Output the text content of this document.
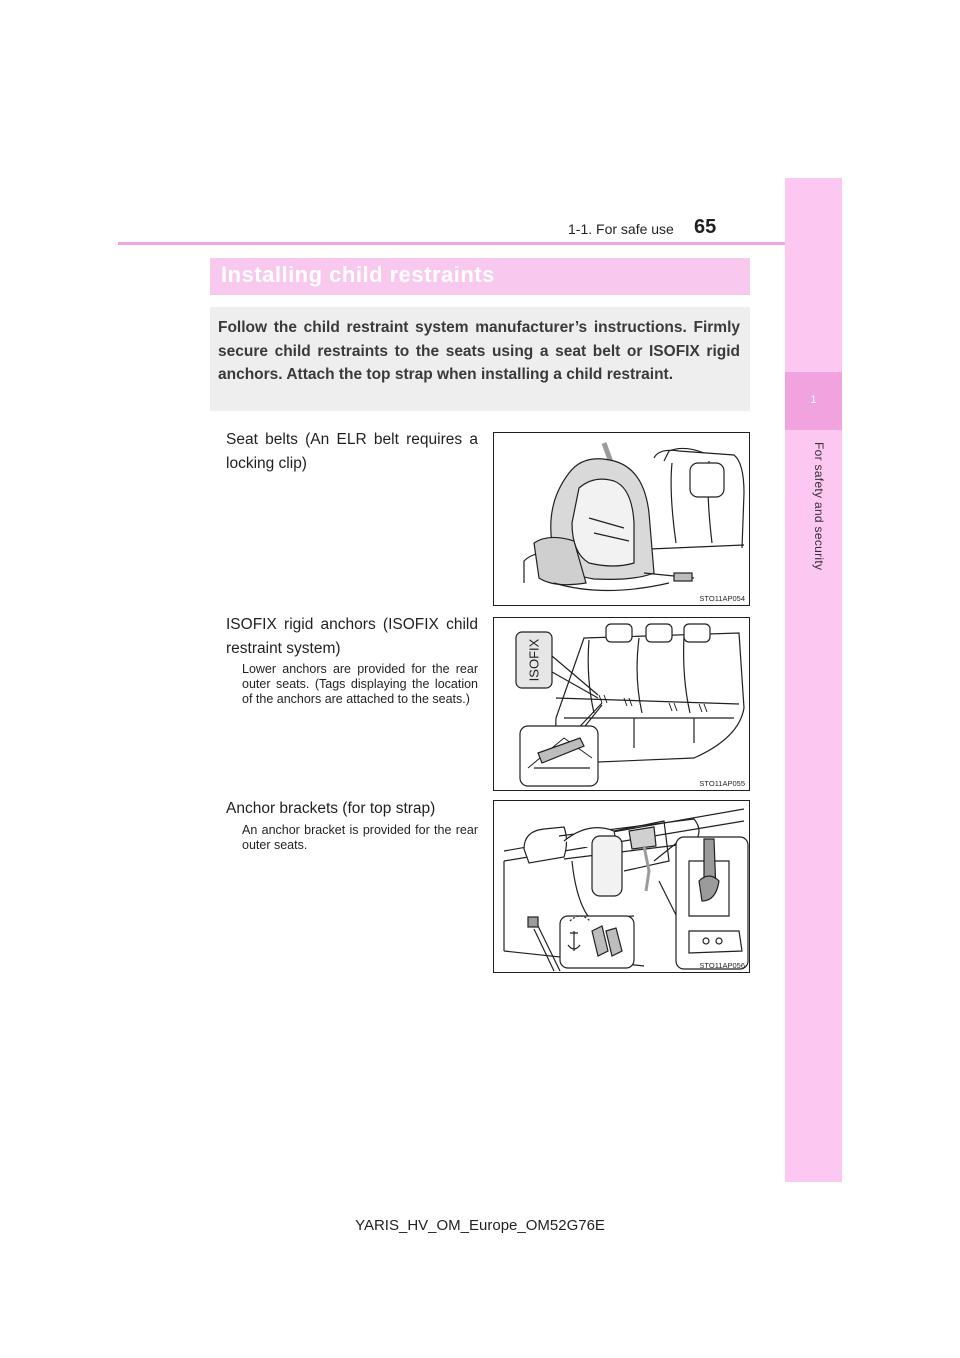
1
For safety and security
1-1. For safe use 65
Installing child restraints
Follow the child restraint system manufacturer’s instructions. Firmly secure child restraints to the seats using a seat belt or ISOFIX rigid anchors. Attach the top strap when installing a child restraint.
Seat belts (An ELR belt requires a locking clip)
STO11AP054
ISOFIX rigid anchors (ISOFIX child restraint system)
Lower anchors are provided for the rear outer seats. (Tags displaying the location of the anchors are attached to the seats.)
ISOFIX
STO11AP055
Anchor brackets (for top strap)
An anchor bracket is provided for the rear outer seats.
STO11AP056
YARIS_HV_OM_Europe_OM52G76E
